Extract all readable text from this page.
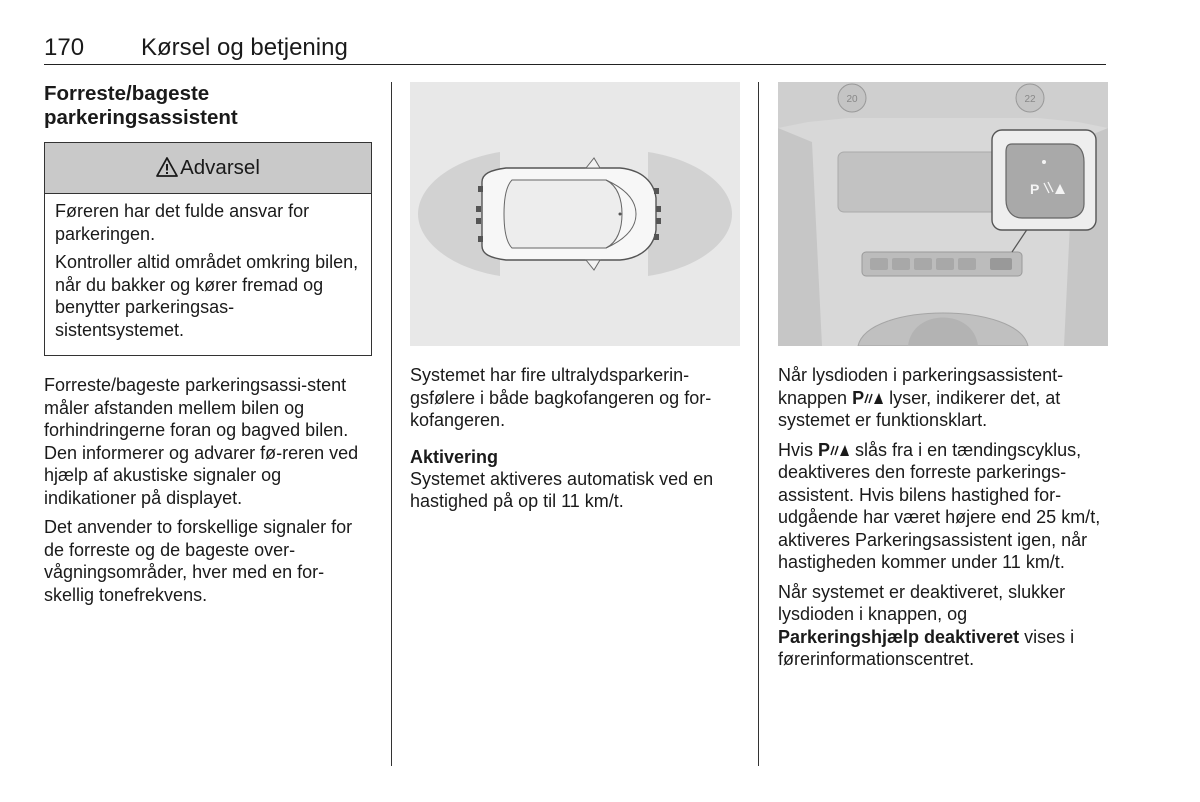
170 Kørsel og betjening
Forreste/bageste
parkeringsassistent
Advarsel

Føreren har det fulde ansvar for parkeringen.

Kontroller altid området omkring bilen, når du bakker og kører fremad og benytter parkeringsas-sistentsystemet.

Forreste/bageste parkeringsassi-stent måler afstanden mellem bilen og forhindringerne foran og bagved bilen. Den informerer og advarer fø-reren ved hjælp af akustiske signaler og indikationer på displayet.

Det anvender to forskellige signaler for de forreste og de bageste over-vågningsområder, hver med en for-skellig tonefrekvens.

Systemet har fire ultralydsparkerin-gsfølere i både bagkofangeren og for-kofangeren.

Aktivering

Systemet aktiveres automatisk ved en hastighed på op til 11 km/t.

20	22
P

Når lysdioden i parkeringsassistent-knappen P lyser, indikerer det, at systemet er funktionsklart.

Hvis P slås fra i en tændingscyklus, deaktiveres den forreste parkerings-assistent. Hvis bilens hastighed for-udgående har været højere end 25 km/t, aktiveres Parkeringsassistent igen, når hastigheden kommer under 11 km/t.

Når systemet er deaktiveret, slukker lysdioden i knappen, og Parkeringshjælp deaktiveret vises i førerinformationscentret.
